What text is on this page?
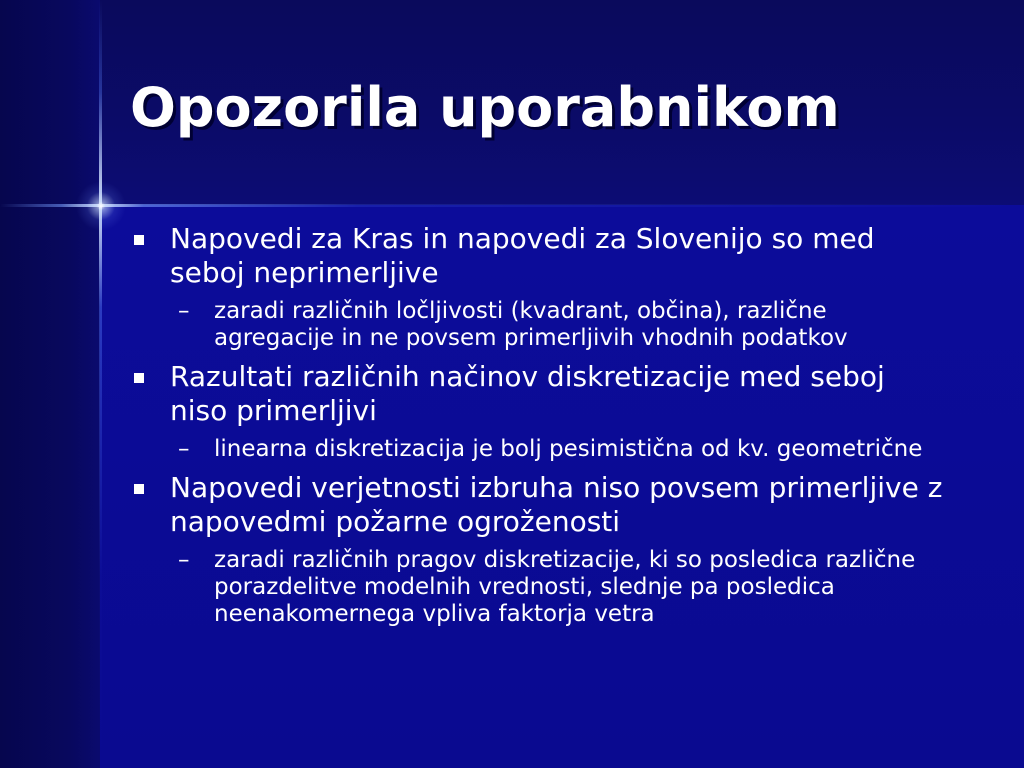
Opozorila uporabnikom
Napovedi za Kras in napovedi za Slovenijo so med seboj neprimerljive
– zaradi različnih ločljivosti (kvadrant, občina), različne agregacije in ne povsem primerljivih vhodnih podatkov
Razultati različnih načinov diskretizacije med seboj niso primerljivi
– linearna diskretizacija je bolj pesimistična od kv. geometrične
Napovedi verjetnosti izbruha niso povsem primerljive z napovedmi požarne ogroženosti
– zaradi različnih pragov diskretizacije, ki so posledica različne porazdelitve modelnih vrednosti, slednje pa posledica neenakomernega vpliva faktorja vetra
